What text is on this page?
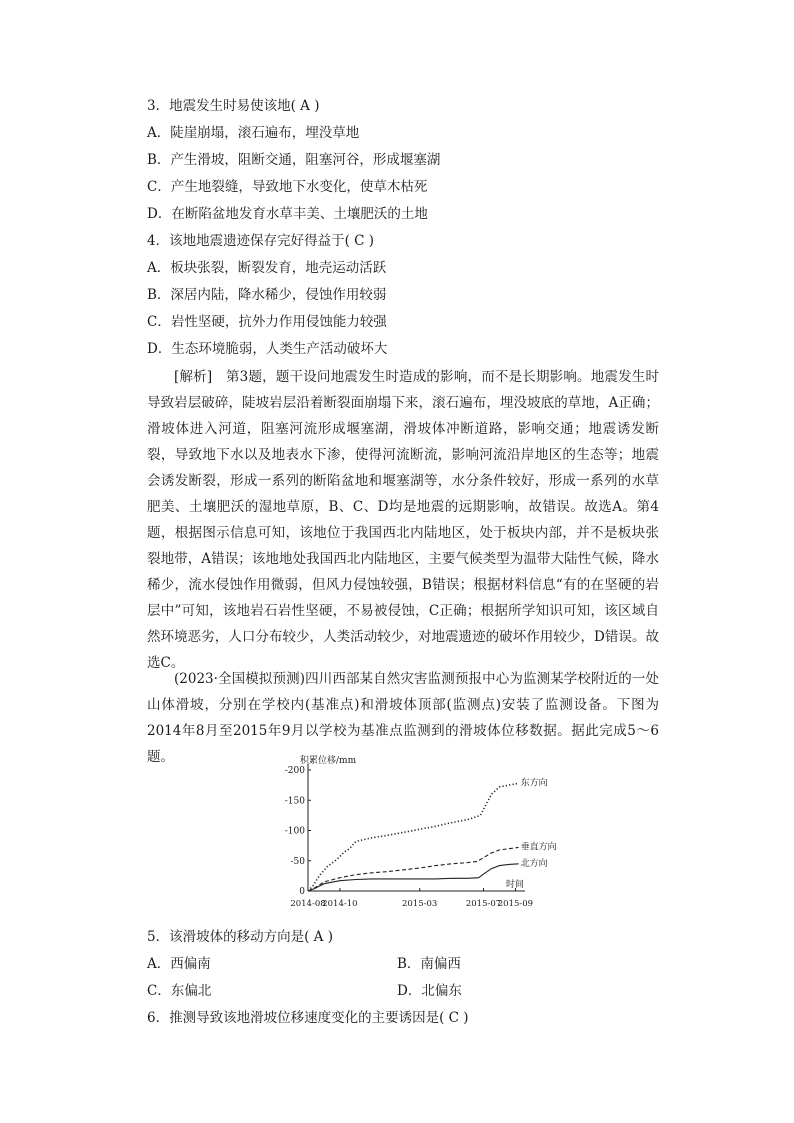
3．地震发生时易使该地( A )
A．陡崖崩塌，滚石遍布，埋没草地
B．产生滑坡，阻断交通，阻塞河谷，形成堰塞湖
C．产生地裂缝，导致地下水变化，使草木枯死
D．在断陷盆地发育水草丰美、土壤肥沃的土地
4．该地地震遗迹保存完好得益于( C )
A．板块张裂，断裂发育，地壳运动活跃
B．深居内陆，降水稀少，侵蚀作用较弱
C．岩性坚硬，抗外力作用侵蚀能力较强
D．生态环境脆弱，人类生产活动破坏大
[解析]　第3题，题干设问地震发生时造成的影响，而不是长期影响。地震发生时导致岩层破碎，陡坡岩层沿着断裂面崩塌下来，滚石遍布，埋没坡底的草地，A正确；滑坡体进入河道，阻塞河流形成堰塞湖，滑坡体冲断道路，影响交通；地震诱发断裂，导致地下水以及地表水下渗，使得河流断流，影响河流沿岸地区的生态等；地震会诱发断裂，形成一系列的断陷盆地和堰塞湖等，水分条件较好，形成一系列的水草肥美、土壤肥沃的湿地草原，B、C、D均是地震的远期影响，故错误。故选A。第4题，根据图示信息可知，该地位于我国西北内陆地区，处于板块内部，并不是板块张裂地带，A错误；该地地处我国西北内陆地区，主要气候类型为温带大陆性气候，降水稀少，流水侵蚀作用微弱，但风力侵蚀较强，B错误；根据材料信息“有的在坚硬的岩层中”可知，该地岩石岩性坚硬，不易被侵蚀，C正确；根据所学知识可知，该区域自然环境恶劣，人口分布较少，人类活动较少，对地震遗迹的破坏作用较少，D错误。故选C。
(2023·全国模拟预测)四川西部某自然灾害监测预报中心为监测某学校附近的一处山体滑坡，分别在学校内(基准点)和滑坡体顶部(监测点)安装了监测设备。下图为2014年8月至2015年9月以学校为基准点监测到的滑坡体位移数据。据此完成5～6题。	积累位移/mm
-200
-150
-100
-50
0
2014-08
2014-10	2015-03	2015-07
2015-09
时间
东方向
垂直方向
北方向
5．该滑坡体的移动方向是( A )
A．西偏南	B．南偏西
C．东偏北	D．北偏东
6．推测导致该地滑坡位移速度变化的主要诱因是( C )
